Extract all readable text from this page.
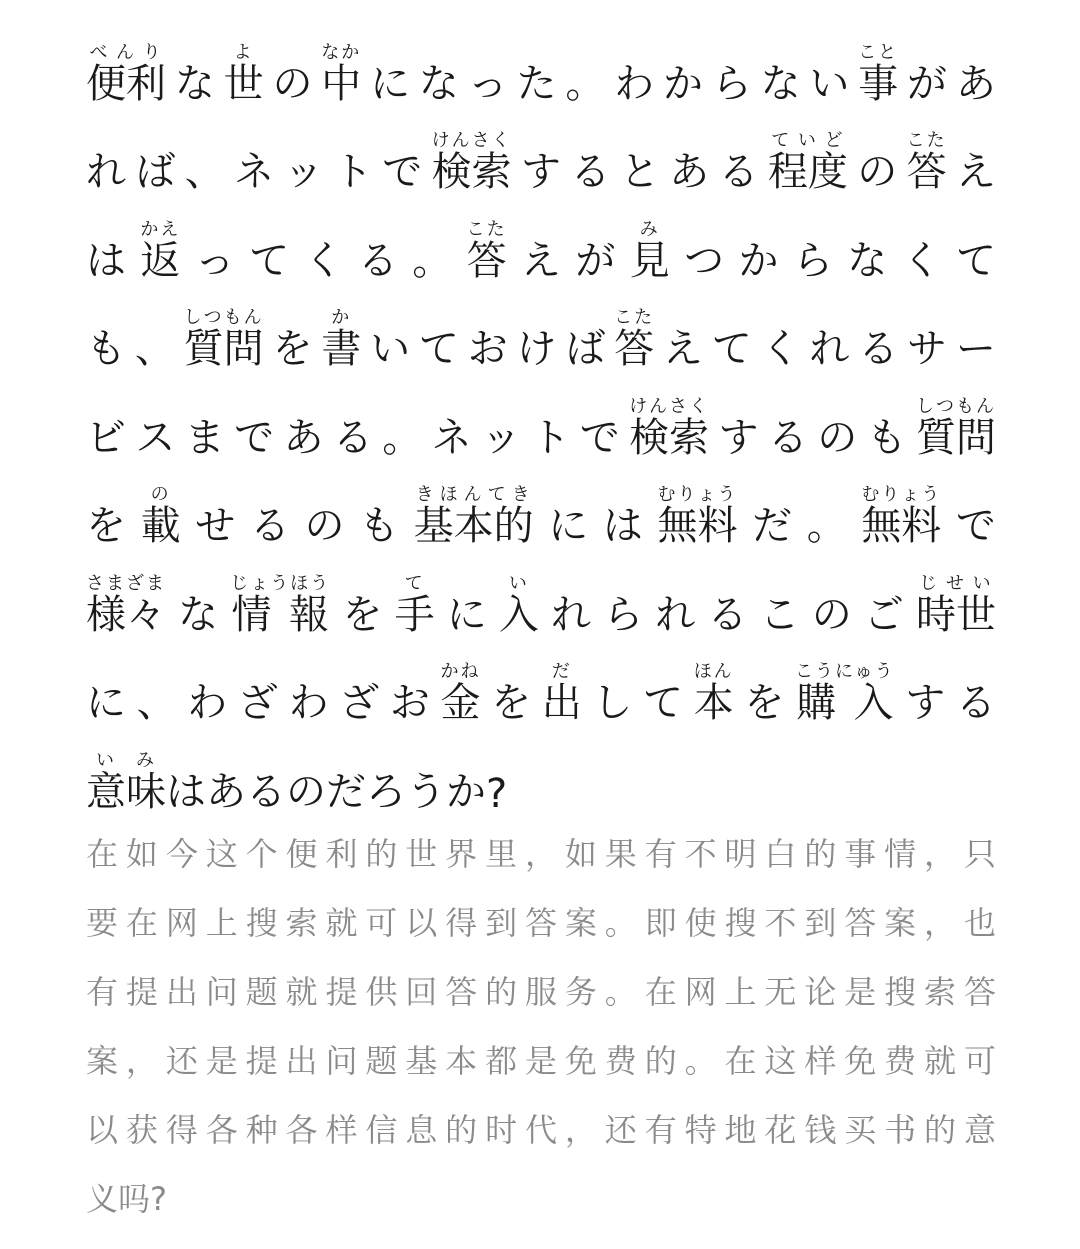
便利べんり
な 世よ
の 中なか
に な っ た 。 わ か ら な い 事こと
が あ
れ ば 、 ネ ッ ト で 検索けんさく
す る と あ る 程度ていど
の 答こた
え
は 返かえ
っ て く る 。 答こた
え が 見み
つ か ら な く て
も 、 質問しつもん
を 書か
い て お け ば 答こた
え て く れ る サ ー
ビ ス ま で あ る 。 ネ ッ ト で 検索けんさく
す る の も 質問しつもん
を 載の
せ る の も 基本的きほんてき
に は 無料むりょう
だ 。 無料むりょう
で
様々さまざま
な 情 報じょうほう
を 手て
に 入い
れ ら れ る こ の ご 時世じせい
に 、 わ ざ わ ざ お 金かね
を 出だ
し て 本ほん
を 購 入こうにゅう
す る
意味いみ
は あ る の だ ろ う か ?
在 如 今 这 个 便 利 的 世 界 里 ， 如 果 有 不 明 白 的 事 情 ， 只
要 在 网 上 搜 索 就 可 以 得 到 答 案 。 即 使 搜 不 到 答 案 ， 也
有 提 出 问 题 就 提 供 回 答 的 服 务 。 在 网 上 无 论 是 搜 索 答
案 ， 还 是 提 出 问 题 基 本 都 是 免 费 的 。 在 这 样 免 费 就 可
以 获 得 各 种 各 样 信 息 的 时 代 ， 还 有 特 地 花 钱 买 书 的 意
义 吗 ?
